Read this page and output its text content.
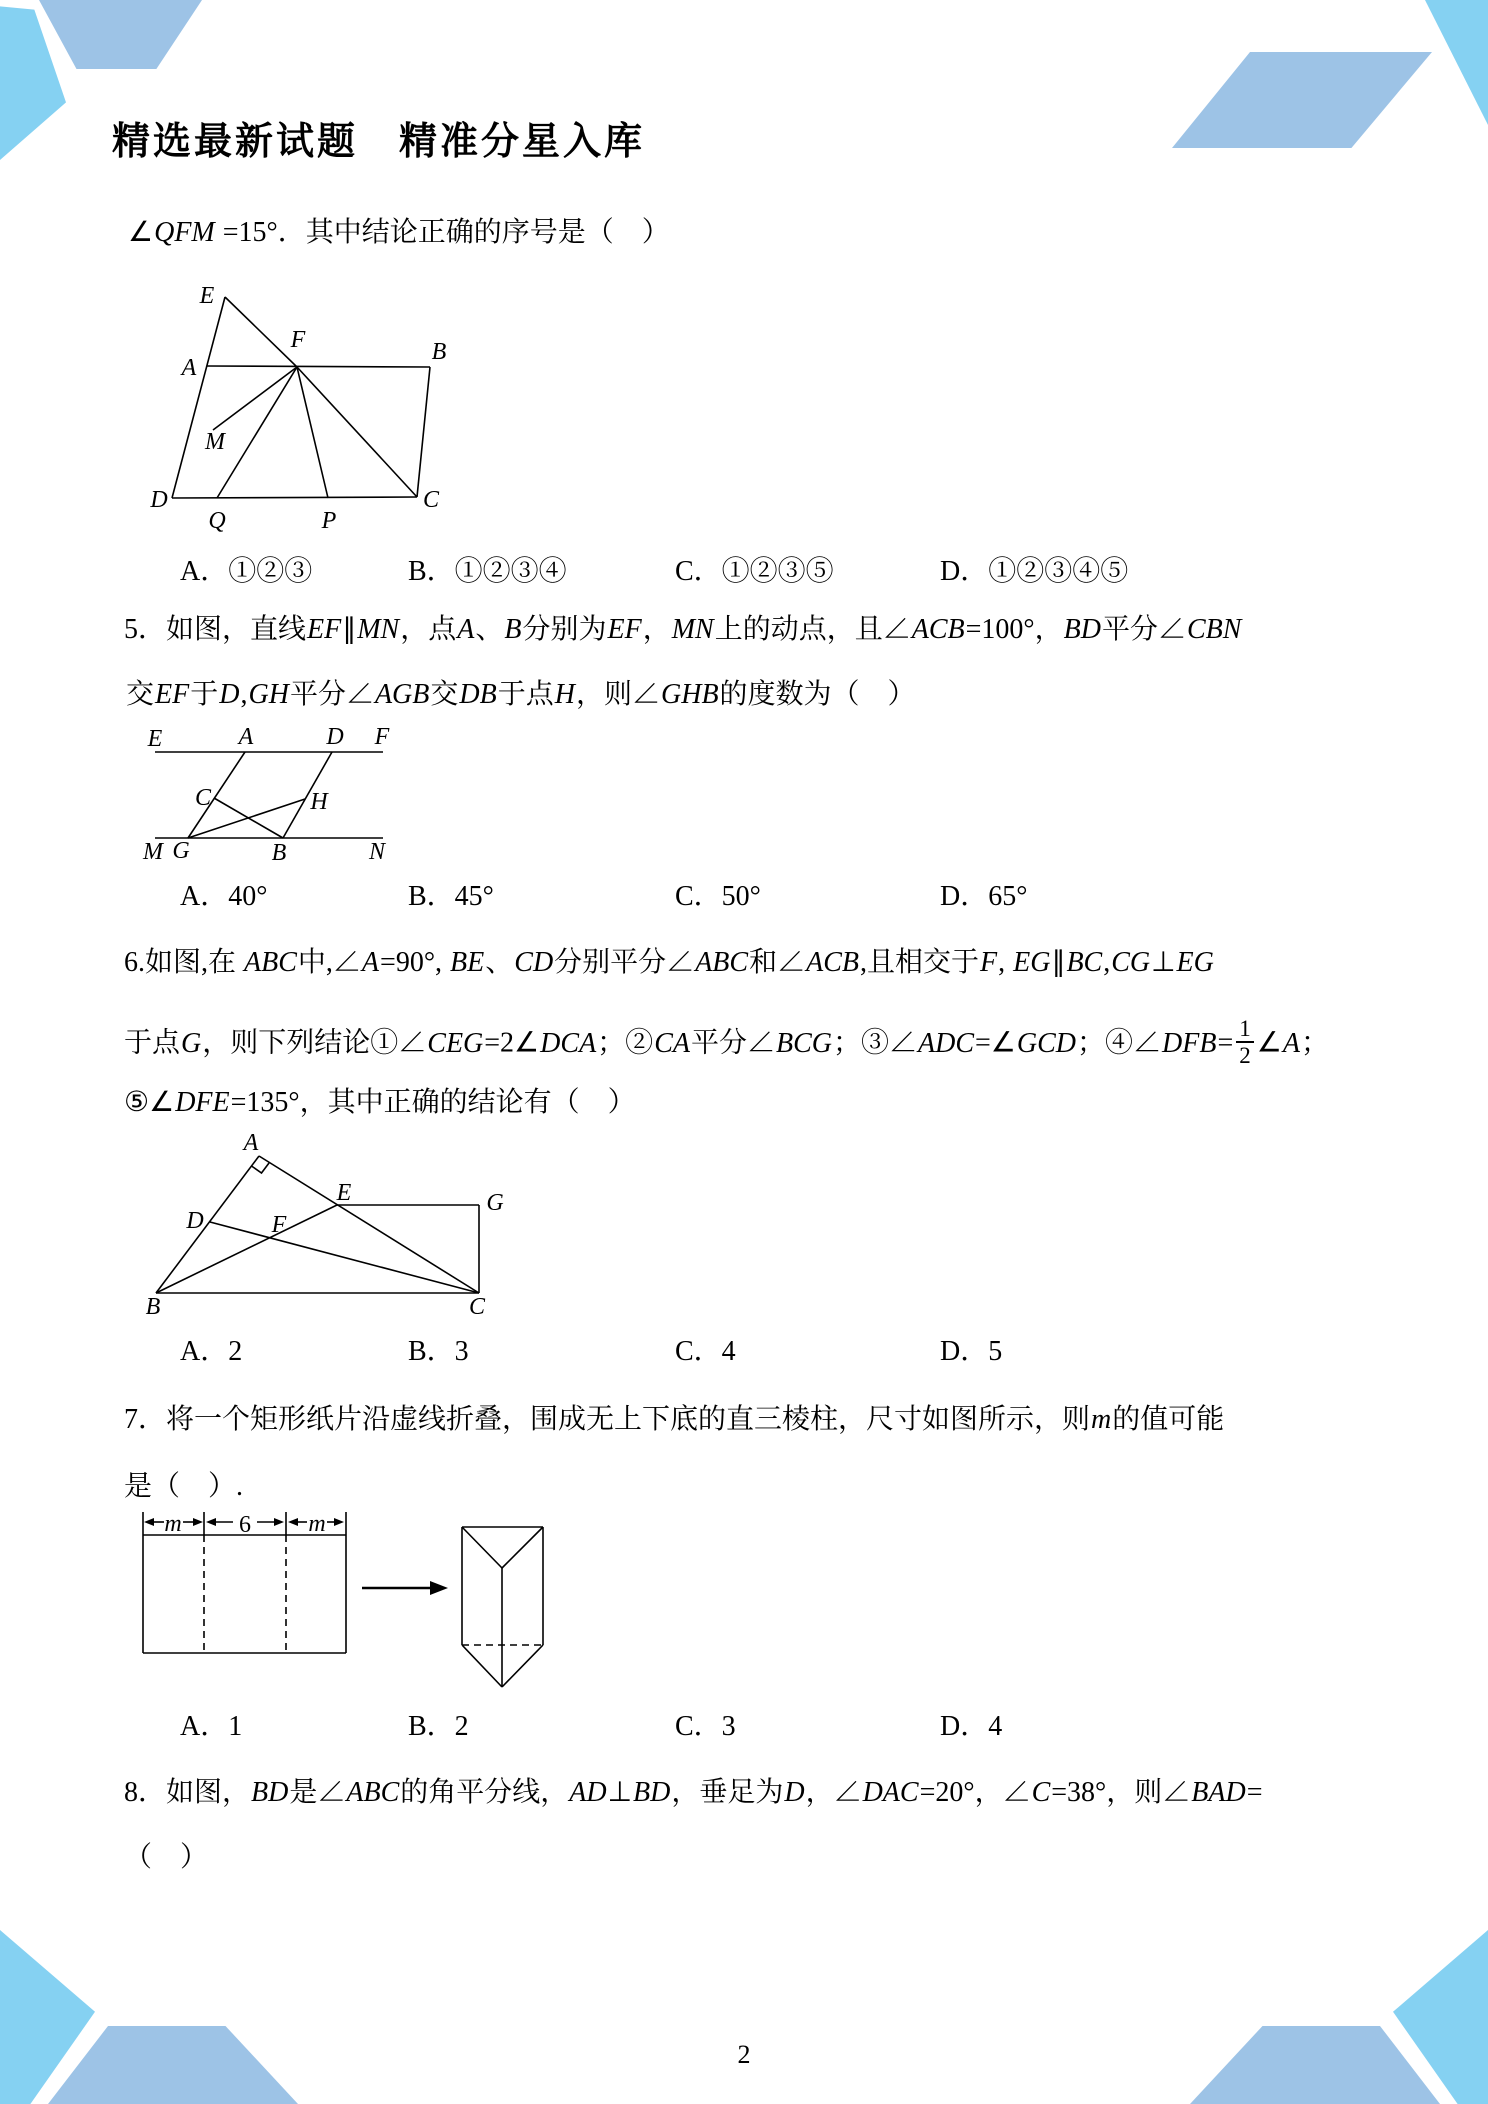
精选最新试题　精准分星入库
∠QFM =15°．其中结论正确的序号是（　）
E
A
F	B
M
D
Q	P
C
A．①②③	B．①②③④	C．①②③⑤	D．①②③④⑤
5．如图，直线EF∥MN，点A、B分别为EF，MN上的动点，且∠ACB=100°，BD平分∠CBN
交EF于D,GH平分∠AGB交DB于点H，则∠GHB的度数为（　）
E	A	D F
C	H
M G	B	N
A．40°	B．45°	C．50°	D．65°
6.如图,在 ABC中,∠A=90°, BE、CD分别平分∠ABC和∠ACB,且相交于F, EG∥BC,CG⊥EG
于点G，则下列结论①∠CEG=2∠DCA；②CA平分∠BCG；③∠ADC=∠GCD；④∠DFB= $\frac{1}{2}$ ∠A；
⑤∠DFE=135°，其中正确的结论有（　）
A
E	G
D	F
B	C
A．2	B．3	C．4	D．5
7．将一个矩形纸片沿虚线折叠，围成无上下底的直三棱柱，尺寸如图所示，则m的值可能
是（　）.
m 6 m
A．1	B．2	C．3	D．4
8．如图，BD是∠ABC的角平分线，AD⊥BD，垂足为D，∠DAC=20°，∠C=38°，则∠BAD=
（　）
2
